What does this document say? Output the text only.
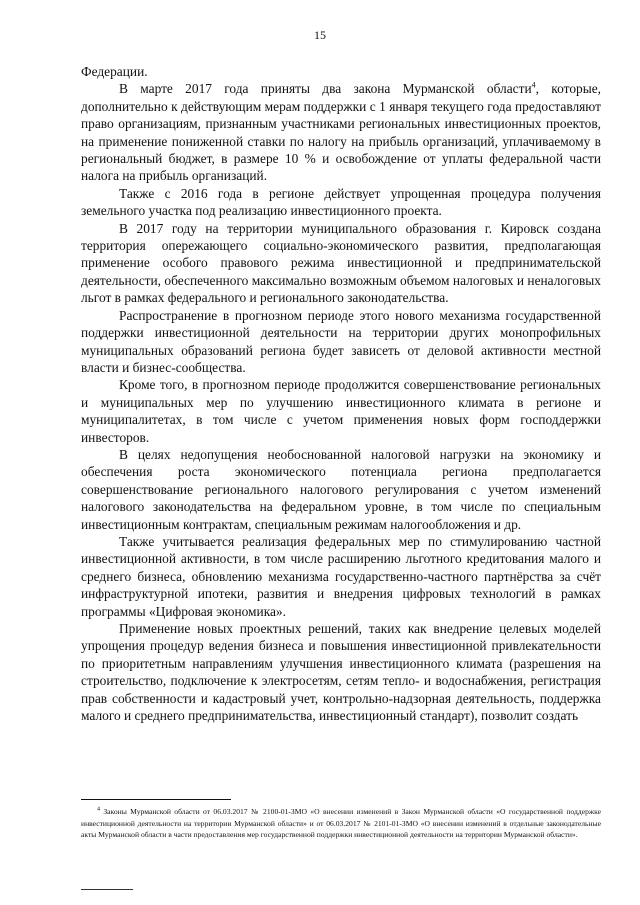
15

Федерации.

В марте 2017 года приняты два закона Мурманской области$^4$, которые, дополнительно к действующим мерам поддержки с 1 января текущего года предоставляют право организациям, признанным участниками региональных инвестиционных проектов, на применение пониженной ставки по налогу на прибыль организаций, уплачиваемому в региональный бюджет, в размере 10 % и освобождение от уплаты федеральной части налога на прибыль организаций.

Также с 2016 года в регионе действует упрощенная процедура получения земельного участка под реализацию инвестиционного проекта.

В 2017 году на территории муниципального образования г. Кировск создана территория опережающего социально-экономического развития, предполагающая применение особого правового режима инвестиционной и предпринимательской деятельности, обеспеченного максимально возможным объемом налоговых и неналоговых льгот в рамках федерального и регионального законодательства.

Распространение в прогнозном периоде этого нового механизма государственной поддержки инвестиционной деятельности на территории других монопрофильных муниципальных образований региона будет зависеть от деловой активности местной власти и бизнес-сообщества.

Кроме того, в прогнозном периоде продолжится совершенствование региональных и муниципальных мер по улучшению инвестиционного климата в регионе и муниципалитетах, в том числе с учетом применения новых форм господдержки инвесторов.

В целях недопущения необоснованной налоговой нагрузки на экономику и обеспечения роста экономического потенциала региона предполагается совершенствование регионального налогового регулирования с учетом изменений налогового законодательства на федеральном уровне, в том числе по специальным инвестиционным контрактам, специальным режимам налогообложения и др.

Также учитывается реализация федеральных мер по стимулированию частной инвестиционной активности, в том числе расширению льготного кредитования малого и среднего бизнеса, обновлению механизма государственно-частного партнёрства за счёт инфраструктурной ипотеки, развития и внедрения цифровых технологий в рамках программы «Цифровая экономика».

Применение новых проектных решений, таких как внедрение целевых моделей упрощения процедур ведения бизнеса и повышения инвестиционной привлекательности по приоритетным направлениям улучшения инвестиционного климата (разрешения на строительство, подключение к электросетям, сетям тепло- и водоснабжения, регистрация прав собственности и кадастровый учет, контрольно-надзорная деятельность, поддержка малого и среднего предпринимательства, инвестиционный стандарт), позволит создать

$^4$ Законы Мурманской области от 06.03.2017 № 2100-01-ЗМО «О внесении изменений в Закон Мурманской области «О государственной поддержке инвестиционной деятельности на территории Мурманской области» и от 06.03.2017 № 2101-01-ЗМО «О внесении изменений в отдельные законодательные акты Мурманской области в части предоставления мер государственной поддержки инвестиционной деятельности на территории Мурманской области».
